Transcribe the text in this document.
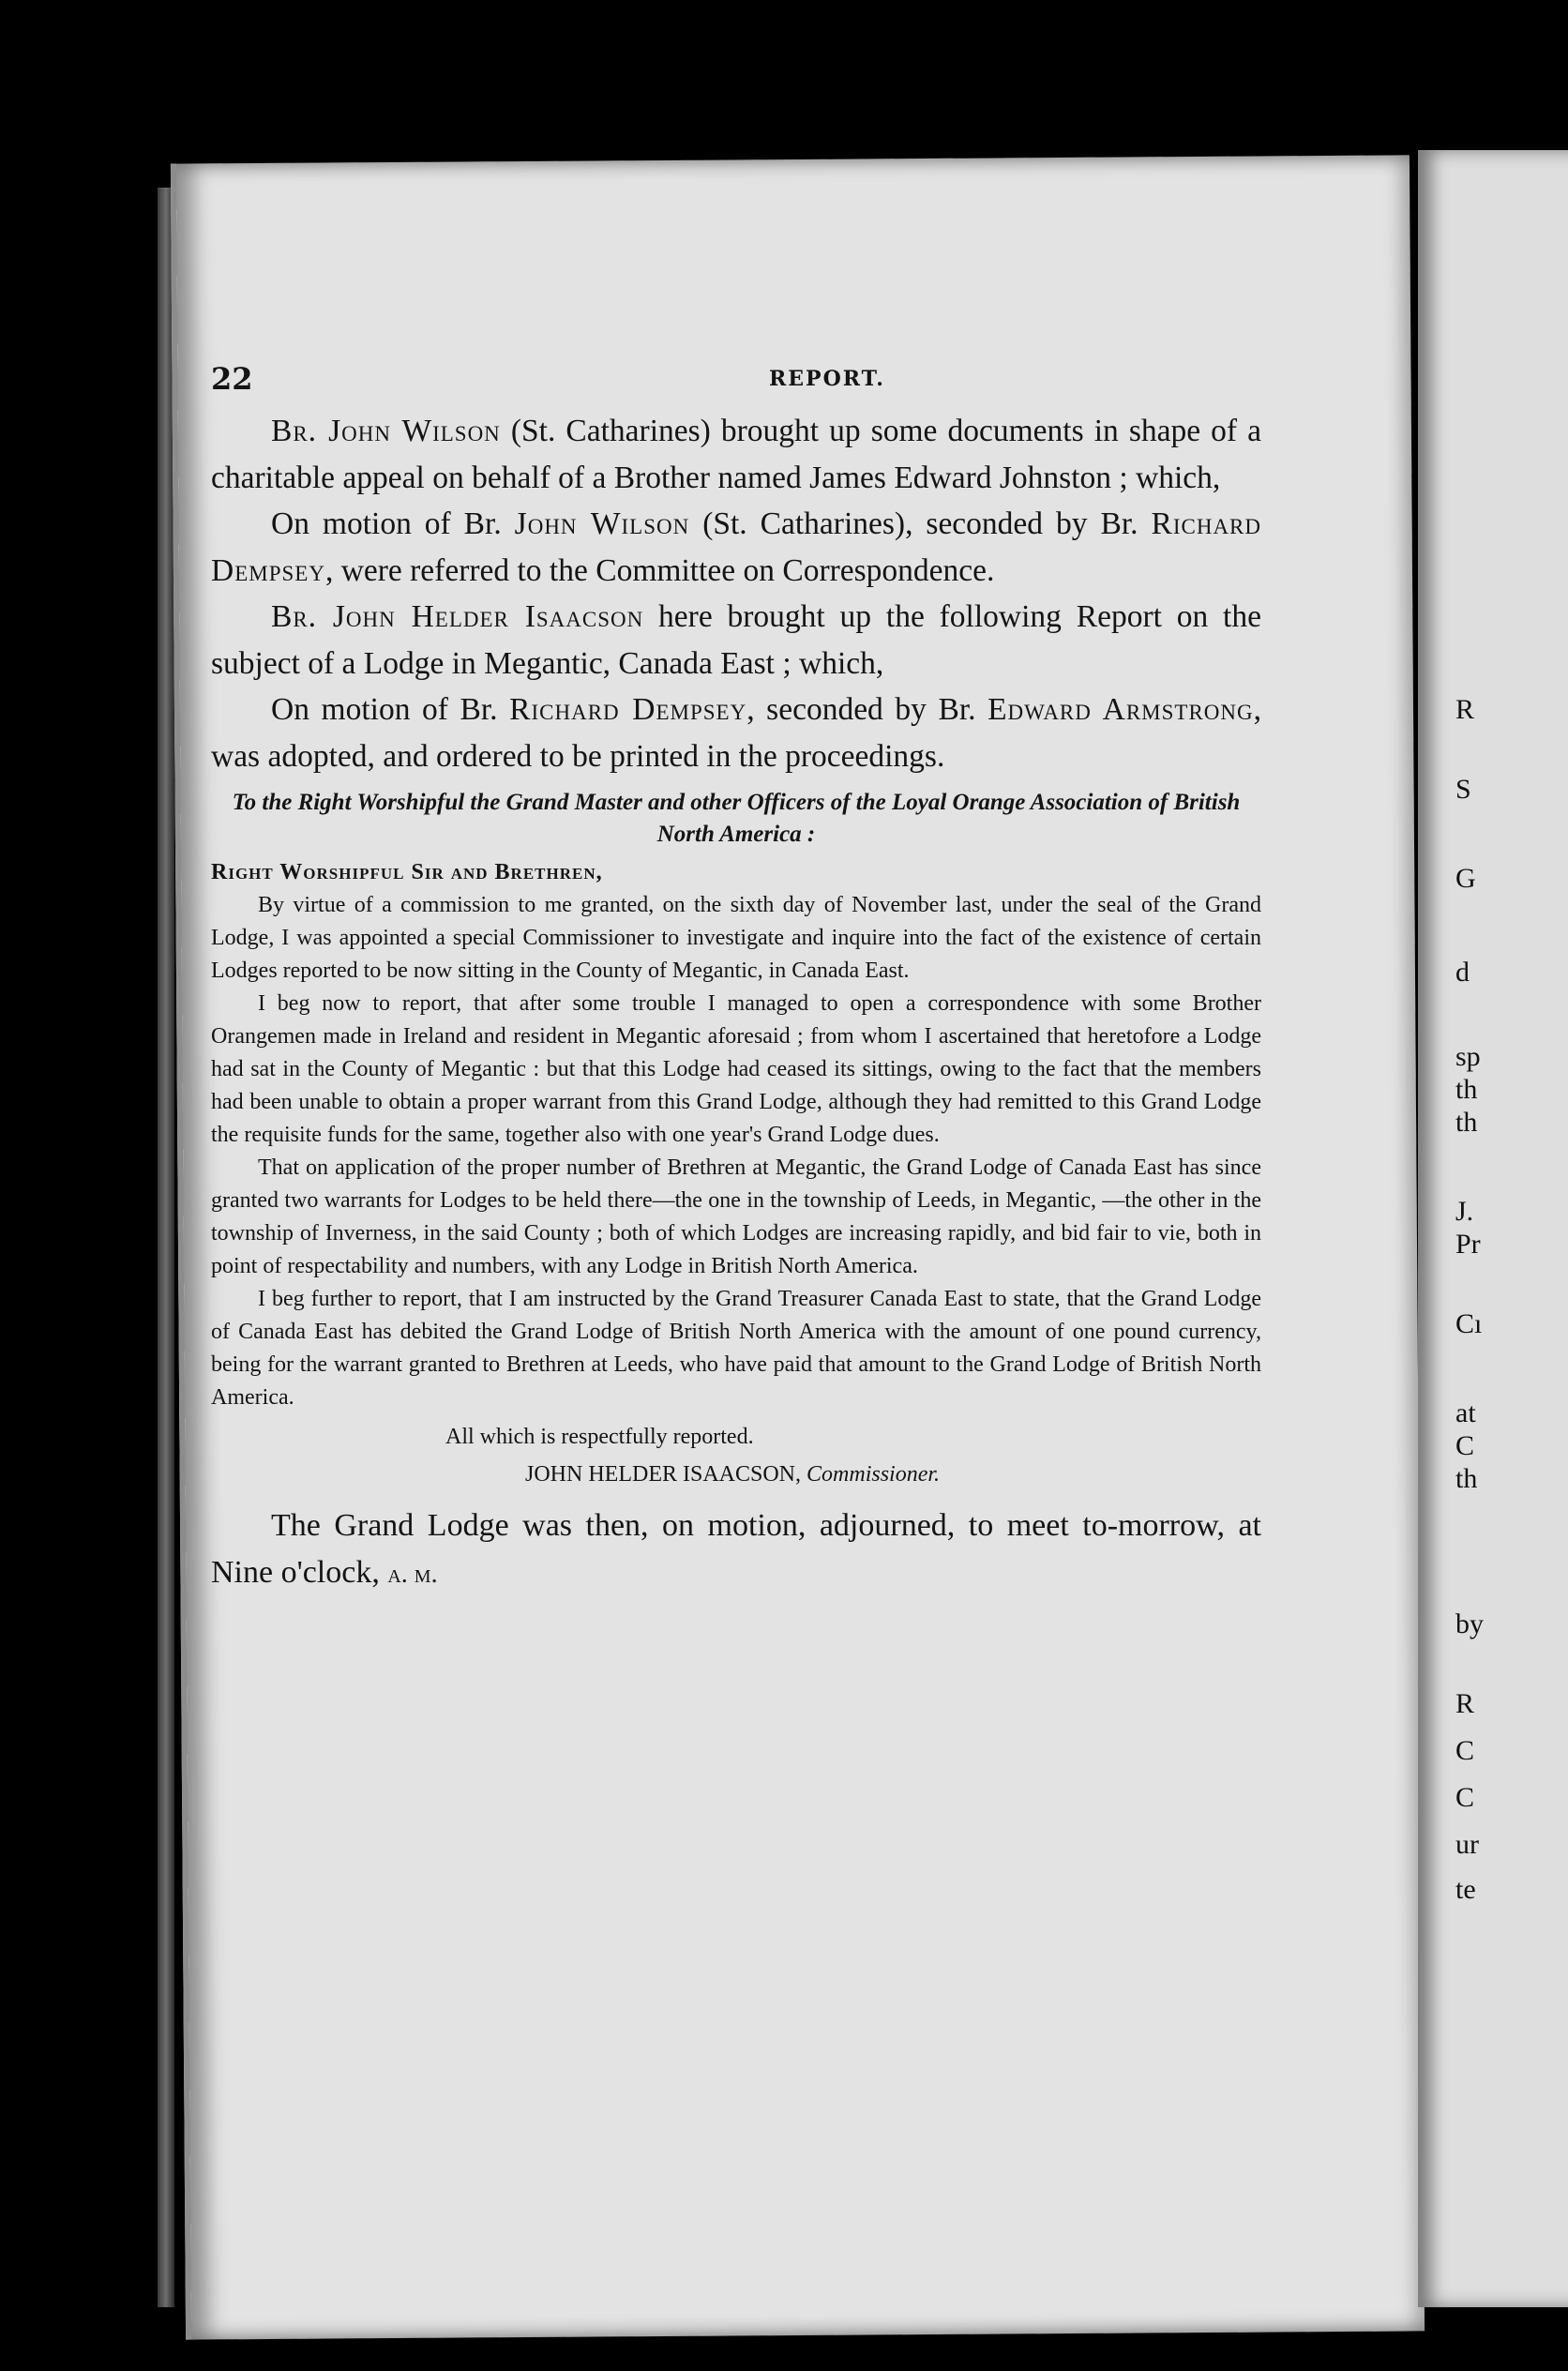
R
S
G
d
sp
th
th
J.
Pr
Cı
at
C
th
by
R
C
C
ur
te
22	REPORT.

Br. John Wilson (St. Catharines) brought up some documents in shape of a charitable appeal on behalf of a Brother named James Edward Johnston ; which,

On motion of Br. John Wilson (St. Catharines), seconded by Br. Richard Dempsey, were referred to the Committee on Correspondence.

Br. John Helder Isaacson here brought up the following Report on the subject of a Lodge in Megantic, Canada East ; which,

On motion of Br. Richard Dempsey, seconded by Br. Edward Armstrong, was adopted, and ordered to be printed in the proceedings.

To the Right Worshipful the Grand Master and other Officers of the Loyal Orange Association of British North America :
Right Worshipful Sir and Brethren,

By virtue of a commission to me granted, on the sixth day of November last, under the seal of the Grand Lodge, I was appointed a special Commissioner to investigate and inquire into the fact of the existence of certain Lodges reported to be now sitting in the County of Megantic, in Canada East.

I beg now to report, that after some trouble I managed to open a correspondence with some Brother Orangemen made in Ireland and resident in Megantic aforesaid ; from whom I ascertained that heretofore a Lodge had sat in the County of Megantic : but that this Lodge had ceased its sittings, owing to the fact that the members had been unable to obtain a proper warrant from this Grand Lodge, although they had remitted to this Grand Lodge the requisite funds for the same, together also with one year's Grand Lodge dues.

That on application of the proper number of Brethren at Megantic, the Grand Lodge of Canada East has since granted two warrants for Lodges to be held there—the one in the township of Leeds, in Megantic, —the other in the township of Inverness, in the said County ; both of which Lodges are increasing rapidly, and bid fair to vie, both in point of respectability and numbers, with any Lodge in British North America.

I beg further to report, that I am instructed by the Grand Treasurer Canada East to state, that the Grand Lodge of Canada East has debited the Grand Lodge of British North America with the amount of one pound currency, being for the warrant granted to Brethren at Leeds, who have paid that amount to the Grand Lodge of British North America.

All which is respectfully reported.
JOHN HELDER ISAACSON, Commissioner.

The Grand Lodge was then, on motion, adjourned, to meet to-morrow, at Nine o'clock, a. m.
